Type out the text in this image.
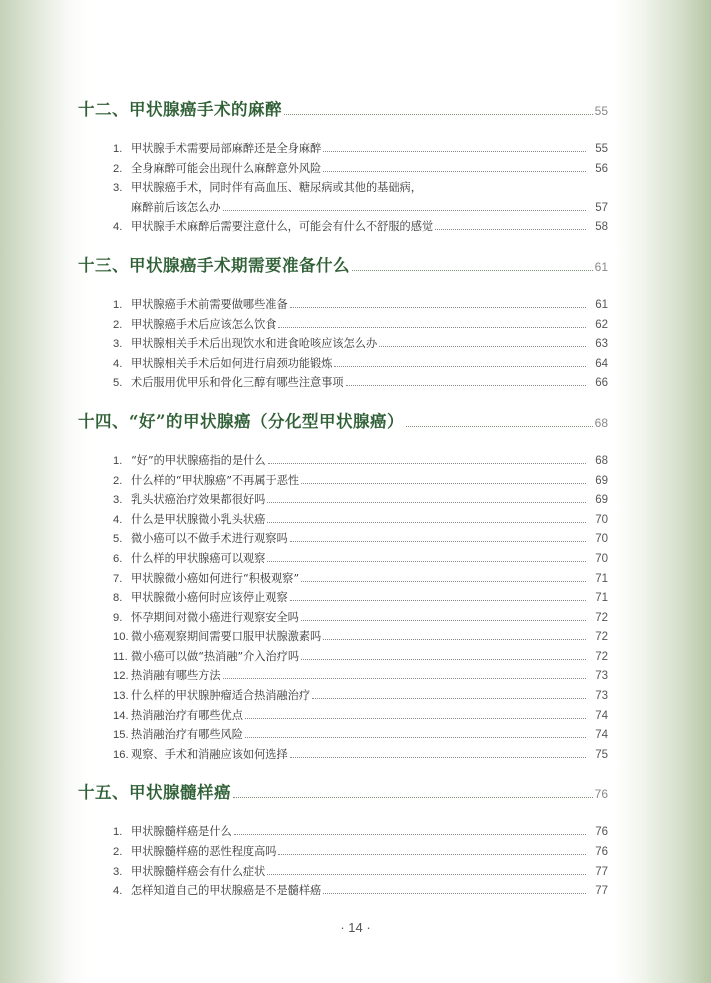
十二、甲状腺癌手术的麻醉	55
1. 甲状腺手术需要局部麻醉还是全身麻醉	55
2. 全身麻醉可能会出现什么麻醉意外风险	56
3. 甲状腺癌手术，同时伴有高血压、糖尿病或其他的基础病，
麻醉前后该怎么办	57
4. 甲状腺手术麻醉后需要注意什么，可能会有什么不舒服的感觉	58
十三、甲状腺癌手术期需要准备什么	61
1. 甲状腺癌手术前需要做哪些准备	61
2. 甲状腺癌手术后应该怎么饮食	62
3. 甲状腺相关手术后出现饮水和进食呛咳应该怎么办	63
4. 甲状腺相关手术后如何进行肩颈功能锻炼	64
5. 术后服用优甲乐和骨化三醇有哪些注意事项	66
十四、“好”的甲状腺癌（分化型甲状腺癌）	68
1. “好”的甲状腺癌指的是什么	68
2. 什么样的“甲状腺癌”不再属于恶性	69
3. 乳头状癌治疗效果都很好吗	69
4. 什么是甲状腺微小乳头状癌	70
5. 微小癌可以不做手术进行观察吗	70
6. 什么样的甲状腺癌可以观察	70
7. 甲状腺微小癌如何进行“积极观察”	71
8. 甲状腺微小癌何时应该停止观察	71
9. 怀孕期间对微小癌进行观察安全吗	72
10. 微小癌观察期间需要口服甲状腺激素吗	72
11. 微小癌可以做“热消融”介入治疗吗	72
12. 热消融有哪些方法	73
13. 什么样的甲状腺肿瘤适合热消融治疗	73
14. 热消融治疗有哪些优点	74
15. 热消融治疗有哪些风险	74
16. 观察、手术和消融应该如何选择	75
十五、甲状腺髓样癌	76
1. 甲状腺髓样癌是什么	76
2. 甲状腺髓样癌的恶性程度高吗	76
3. 甲状腺髓样癌会有什么症状	77
4. 怎样知道自己的甲状腺癌是不是髓样癌	77
· 14 ·
